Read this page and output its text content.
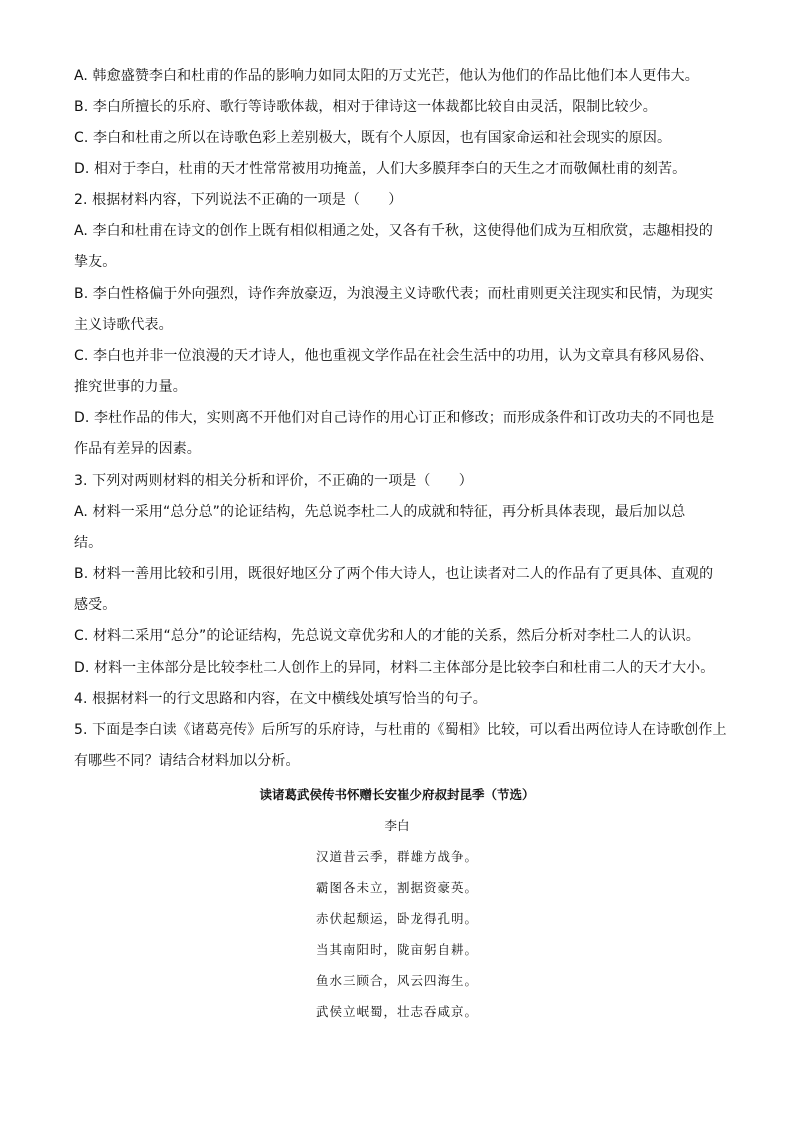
A. 韩愈盛赞李白和杜甫的作品的影响力如同太阳的万丈光芒，他认为他们的作品比他们本人更伟大。
B. 李白所擅长的乐府、歌行等诗歌体裁，相对于律诗这一体裁都比较自由灵活，限制比较少。
C. 李白和杜甫之所以在诗歌色彩上差别极大，既有个人原因，也有国家命运和社会现实的原因。
D. 相对于李白，杜甫的天才性常常被用功掩盖，人们大多膜拜李白的天生之才而敬佩杜甫的刻苦。
2. 根据材料内容，下列说法不正确的一项是（　　）
A. 李白和杜甫在诗文的创作上既有相似相通之处，又各有千秋，这使得他们成为互相欣赏，志趣相投的
挚友。
B. 李白性格偏于外向强烈，诗作奔放豪迈，为浪漫主义诗歌代表；而杜甫则更关注现实和民情，为现实
主义诗歌代表。
C. 李白也并非一位浪漫的天才诗人，他也重视文学作品在社会生活中的功用，认为文章具有移风易俗、
推究世事的力量。
D. 李杜作品的伟大，实则离不开他们对自己诗作的用心订正和修改；而形成条件和订改功夫的不同也是
作品有差异的因素。
3. 下列对两则材料的相关分析和评价，不正确的一项是（　　）
A. 材料一采用“总分总”的论证结构，先总说李杜二人的成就和特征，再分析具体表现，最后加以总
结。
B. 材料一善用比较和引用，既很好地区分了两个伟大诗人，也让读者对二人的作品有了更具体、直观的
感受。
C. 材料二采用“总分”的论证结构，先总说文章优劣和人的才能的关系，然后分析对李杜二人的认识。
D. 材料一主体部分是比较李杜二人创作上的异同，材料二主体部分是比较李白和杜甫二人的天才大小。
4. 根据材料一的行文思路和内容，在文中横线处填写恰当的句子。
5. 下面是李白读《诸葛亮传》后所写的乐府诗，与杜甫的《蜀相》比较，可以看出两位诗人在诗歌创作上
有哪些不同？请结合材料加以分析。
读诸葛武侯传书怀赠长安崔少府叔封昆季（节选）
李白
汉道昔云季，群雄方战争。
霸图各未立，割据资豪英。
赤伏起颓运，卧龙得孔明。
当其南阳时，陇亩躬自耕。
鱼水三顾合，风云四海生。
武侯立岷蜀，壮志吞咸京。
